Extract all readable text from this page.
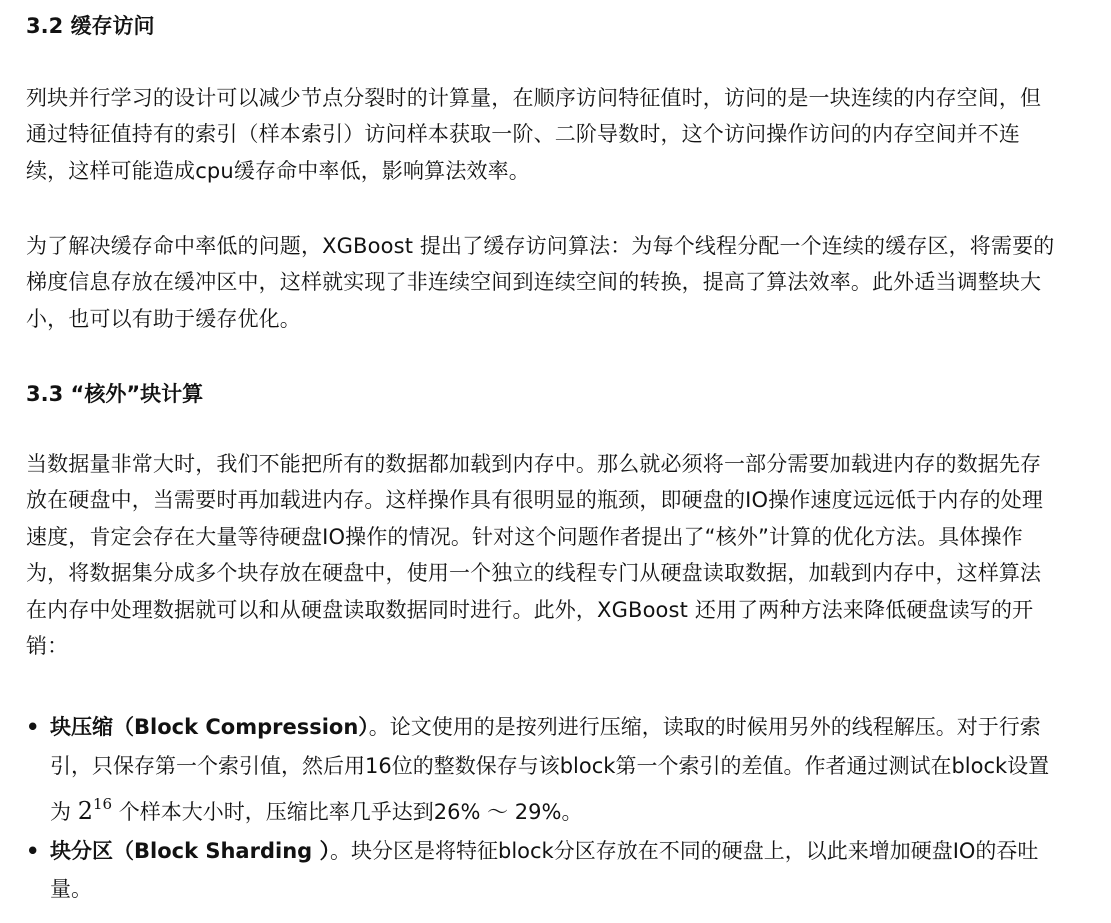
3.2 缓存访问

列块并行学习的设计可以减少节点分裂时的计算量，在顺序访问特征值时，访问的是一块连续的内存空间，但通过特征值持有的索引（样本索引）访问样本获取一阶、二阶导数时，这个访问操作访问的内存空间并不连续，这样可能造成cpu缓存命中率低，影响算法效率。

为了解决缓存命中率低的问题，XGBoost 提出了缓存访问算法：为每个线程分配一个连续的缓存区，将需要的梯度信息存放在缓冲区中，这样就实现了非连续空间到连续空间的转换，提高了算法效率。此外适当调整块大小，也可以有助于缓存优化。

3.3 “核外”块计算

当数据量非常大时，我们不能把所有的数据都加载到内存中。那么就必须将一部分需要加载进内存的数据先存放在硬盘中，当需要时再加载进内存。这样操作具有很明显的瓶颈，即硬盘的IO操作速度远远低于内存的处理速度，肯定会存在大量等待硬盘IO操作的情况。针对这个问题作者提出了“核外”计算的优化方法。具体操作为，将数据集分成多个块存放在硬盘中，使用一个独立的线程专门从硬盘读取数据，加载到内存中，这样算法在内存中处理数据就可以和从硬盘读取数据同时进行。此外，XGBoost 还用了两种方法来降低硬盘读写的开销：

• 块压缩（Block Compression）。论文使用的是按列进行压缩，读取的时候用另外的线程解压。对于行索引，只保存第一个索引值，然后用16位的整数保存与该block第一个索引的差值。作者通过测试在block设置为 $2^{16}$ 个样本大小时，压缩比率几乎达到26% ～ 29%。
• 块分区（Block Sharding ）。块分区是将特征block分区存放在不同的硬盘上，以此来增加硬盘IO的吞吐量。
